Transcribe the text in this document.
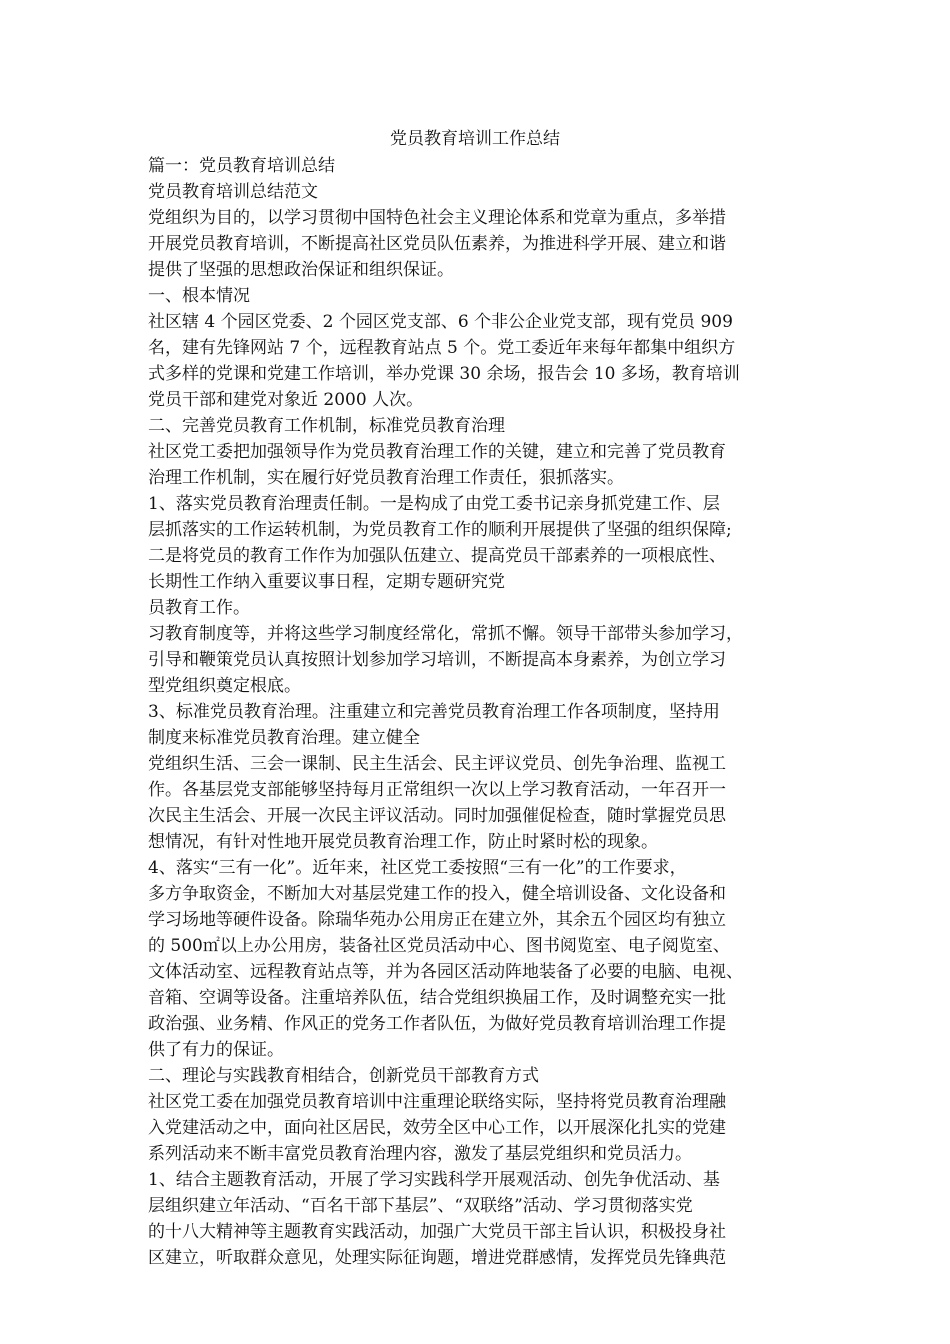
党员教育培训工作总结
篇一：党员教育培训总结
党员教育培训总结范文
党组织为目的，以学习贯彻中国特色社会主义理论体系和党章为重点，多举措
开展党员教育培训，不断提高社区党员队伍素养，为推进科学开展、建立和谐
提供了坚强的思想政治保证和组织保证。
一、根本情况
社区辖 4 个园区党委、2 个园区党支部、6 个非公企业党支部，现有党员 909
名，建有先锋网站 7 个，远程教育站点 5 个。党工委近年来每年都集中组织方
式多样的党课和党建工作培训，举办党课 30 余场，报告会 10 多场，教育培训
党员干部和建党对象近 2000 人次。
二、完善党员教育工作机制，标准党员教育治理
社区党工委把加强领导作为党员教育治理工作的关键，建立和完善了党员教育
治理工作机制，实在履行好党员教育治理工作责任，狠抓落实。
1、落实党员教育治理责任制。一是构成了由党工委书记亲身抓党建工作、层
层抓落实的工作运转机制，为党员教育工作的顺利开展提供了坚强的组织保障;
二是将党员的教育工作作为加强队伍建立、提高党员干部素养的一项根底性、
长期性工作纳入重要议事日程，定期专题研究党
员教育工作。
习教育制度等，并将这些学习制度经常化，常抓不懈。领导干部带头参加学习，
引导和鞭策党员认真按照计划参加学习培训，不断提高本身素养，为创立学习
型党组织奠定根底。
3、标准党员教育治理。注重建立和完善党员教育治理工作各项制度，坚持用
制度来标准党员教育治理。建立健全
党组织生活、三会一课制、民主生活会、民主评议党员、创先争治理、监视工
作。各基层党支部能够坚持每月正常组织一次以上学习教育活动，一年召开一
次民主生活会、开展一次民主评议活动。同时加强催促检查，随时掌握党员思
想情况，有针对性地开展党员教育治理工作，防止时紧时松的现象。
4、落实“三有一化”。近年来，社区党工委按照“三有一化”的工作要求，
多方争取资金，不断加大对基层党建工作的投入，健全培训设备、文化设备和
学习场地等硬件设备。除瑞华苑办公用房正在建立外，其余五个园区均有独立
的 500㎡以上办公用房，装备社区党员活动中心、图书阅览室、电子阅览室、
文体活动室、远程教育站点等，并为各园区活动阵地装备了必要的电脑、电视、
音箱、空调等设备。注重培养队伍，结合党组织换届工作，及时调整充实一批
政治强、业务精、作风正的党务工作者队伍，为做好党员教育培训治理工作提
供了有力的保证。
二、理论与实践教育相结合，创新党员干部教育方式
社区党工委在加强党员教育培训中注重理论联络实际，坚持将党员教育治理融
入党建活动之中，面向社区居民，效劳全区中心工作，以开展深化扎实的党建
系列活动来不断丰富党员教育治理内容，激发了基层党组织和党员活力。
1、结合主题教育活动，开展了学习实践科学开展观活动、创先争优活动、基
层组织建立年活动、“百名干部下基层”、“双联络”活动、学习贯彻落实党
的十八大精神等主题教育实践活动，加强广大党员干部主旨认识，积极投身社
区建立，听取群众意见，处理实际征询题，增进党群感情，发挥党员先锋典范
